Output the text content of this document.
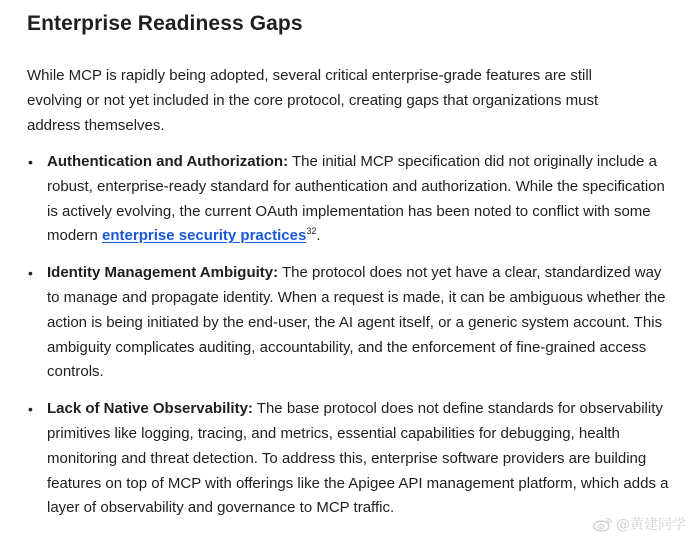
Enterprise Readiness Gaps

While MCP is rapidly being adopted, several critical enterprise-grade features are still evolving or not yet included in the core protocol, creating gaps that organizations must address themselves.

• Authentication and Authorization: The initial MCP specification did not originally include a robust, enterprise-ready standard for authentication and authorization. While the specification is actively evolving, the current OAuth implementation has been noted to conflict with some modern enterprise security practices$^{32}$.
• Identity Management Ambiguity: The protocol does not yet have a clear, standardized way to manage and propagate identity. When a request is made, it can be ambiguous whether the action is being initiated by the end-user, the AI agent itself, or a generic system account. This ambiguity complicates auditing, accountability, and the enforcement of fine-grained access controls.
• Lack of Native Observability: The base protocol does not define standards for observability primitives like logging, tracing, and metrics, essential capabilities for debugging, health monitoring and threat detection. To address this, enterprise software providers are building features on top of MCP with offerings like the Apigee API management platform, which adds a layer of observability and governance to MCP traffic.
@黄建同学
